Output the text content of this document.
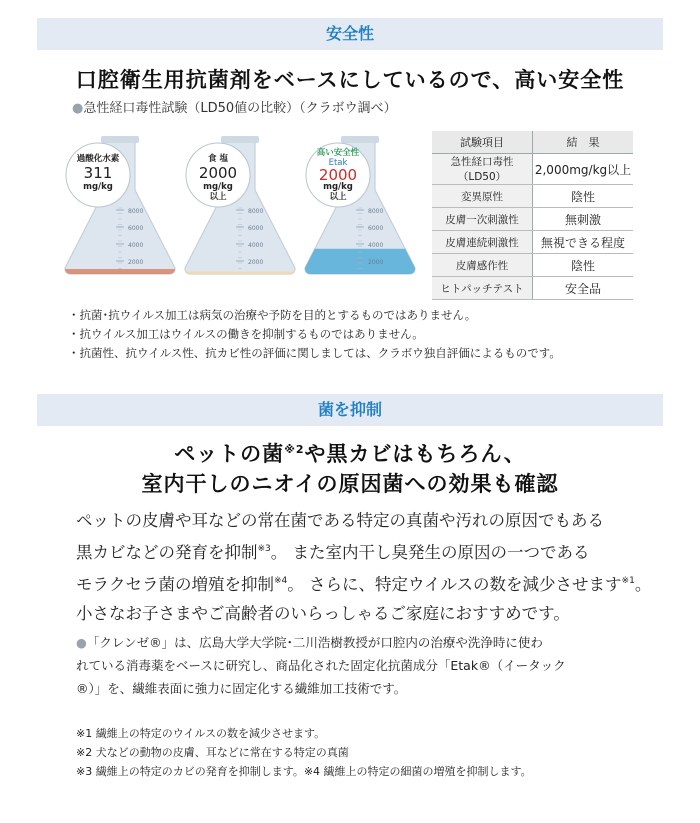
安全性
口腔衛生用抗菌剤をベースにしているので、高い安全性
●急性経口毒性試験（LD50値の比較）（クラボウ調べ）
8000
6000
4000
2000
過酸化水素
311
mg/kg
8000
6000
4000
2000
食 塩
2000
mg/kg
以上
8000
6000
4000
2000
高い安全性
Etak
2000
mg/kg
以上
試験項目	結　果
急性経口毒性（LD50）	2,000mg/kg以上
変異原性	陰性
皮膚一次刺激性	無刺激
皮膚連続刺激性	無視できる程度
皮膚感作性	陰性
ヒトパッチテスト	安全品
・抗菌･抗ウイルス加工は病気の治療や予防を目的とするものではありません。
・抗ウイルス加工はウイルスの働きを抑制するものではありません。
・抗菌性、抗ウイルス性、抗カビ性の評価に関しましては、クラボウ独自評価によるものです。
菌を抑制
ペットの菌$^{※2}$や黒カビはもちろん、
室内干しのニオイの原因菌への効果も確認
ペットの皮膚や耳などの常在菌である特定の真菌や汚れの原因でもある
黒カビなどの発育を抑制$^{※3}$。 また室内干し臭発生の原因の一つである
モラクセラ菌の増殖を抑制$^{※4}$。 さらに、特定ウイルスの数を減少させます$^{※1}$。
小さなお子さまやご高齢者のいらっしゃるご家庭におすすめです。
●「クレンゼ®」は、広島大学大学院･二川浩樹教授が口腔内の治療や洗浄時に使わ
れている消毒薬をベースに研究し、商品化された固定化抗菌成分「Etak®（イータック
®）」を、繊維表面に強力に固定化する繊維加工技術です。
※1 繊維上の特定のウイルスの数を減少させます。
※2 犬などの動物の皮膚、耳などに常在する特定の真菌
※3 繊維上の特定のカビの発育を抑制します。※4 繊維上の特定の細菌の増殖を抑制します。
